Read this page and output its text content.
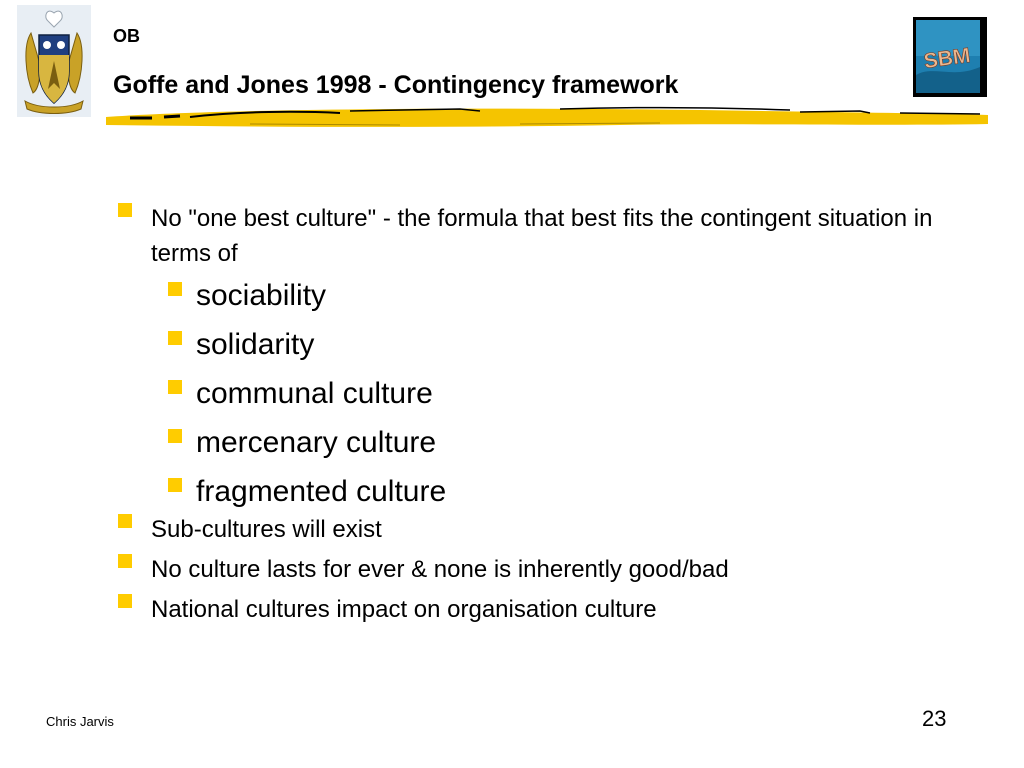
OB

Goffe and Jones 1998 - Contingency framework
SBM
No "one best culture" - the formula that best fits the contingent situation in terms of
sociability
solidarity
communal culture
mercenary culture
fragmented culture
Sub-cultures will exist
No culture lasts for ever & none is inherently good/bad
National cultures impact on organisation culture
Chris Jarvis	23
